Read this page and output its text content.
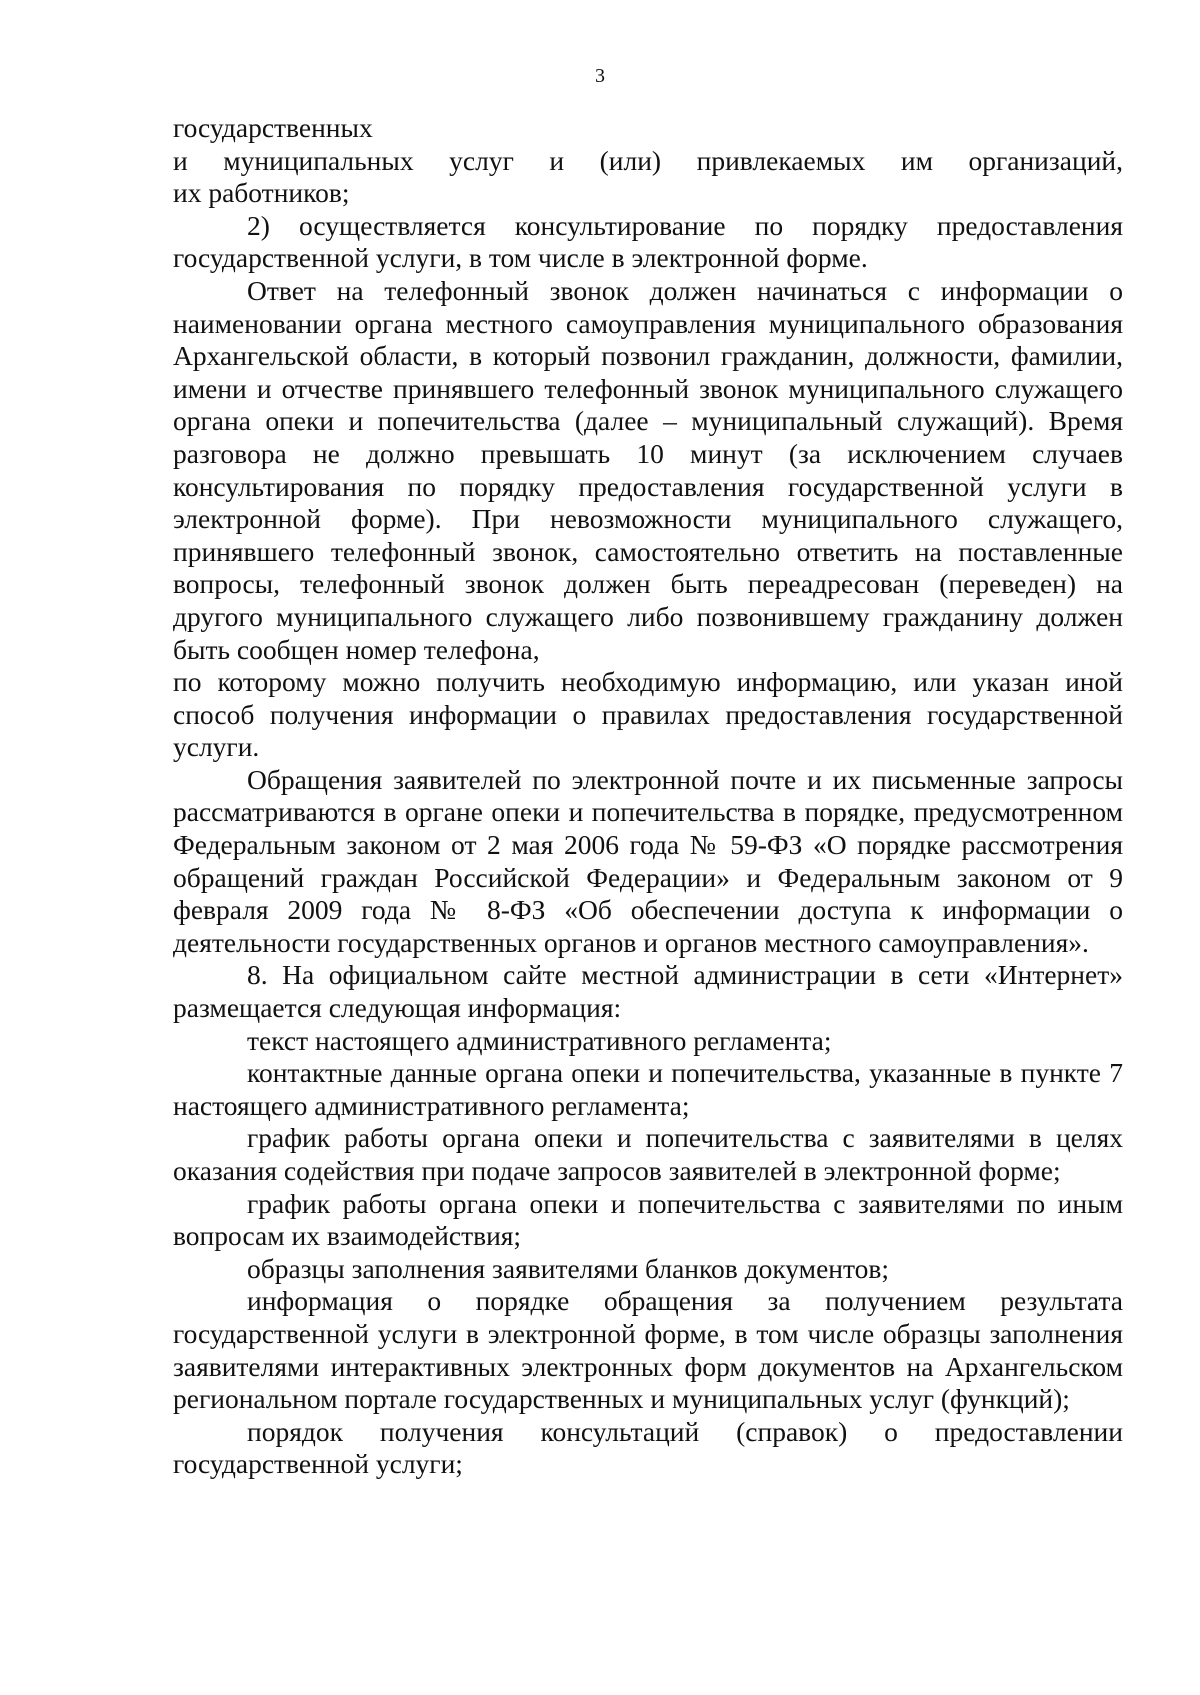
3
государственных
и муниципальных услуг и (или) привлекаемых им организаций,
их работников;

2) осуществляется консультирование по порядку предоставления государственной услуги, в том числе в электронной форме.

Ответ на телефонный звонок должен начинаться с информации о наименовании органа местного самоуправления муниципального образования Архангельской области, в который позвонил гражданин, должности, фамилии, имени и отчестве принявшего телефонный звонок муниципального служащего органа опеки и попечительства (далее – муниципальный служащий). Время разговора не должно превышать 10 минут (за исключением случаев консультирования по порядку предоставления государственной услуги в электронной форме). При невозможности муниципального служащего, принявшего телефонный звонок, самостоятельно ответить на поставленные вопросы, телефонный звонок должен быть переадресован (переведен) на другого муниципального служащего либо позвонившему гражданину должен быть сообщен номер телефона,

по которому можно получить необходимую информацию, или указан иной способ получения информации о правилах предоставления государственной услуги.

Обращения заявителей по электронной почте и их письменные запросы рассматриваются в органе опеки и попечительства в порядке, предусмотренном Федеральным законом от 2 мая 2006 года № 59-ФЗ «О порядке рассмотрения обращений граждан Российской Федерации» и Федеральным законом от 9 февраля 2009 года № 8-ФЗ «Об обеспечении доступа к информации о деятельности государственных органов и органов местного самоуправления».

8. На официальном сайте местной администрации в сети «Интернет» размещается следующая информация:

текст настоящего административного регламента;

контактные данные органа опеки и попечительства, указанные в пункте 7 настоящего административного регламента;

график работы органа опеки и попечительства с заявителями в целях оказания содействия при подаче запросов заявителей в электронной форме;

график работы органа опеки и попечительства с заявителями по иным вопросам их взаимодействия;

образцы заполнения заявителями бланков документов;

информация о порядке обращения за получением результата государственной услуги в электронной форме, в том числе образцы заполнения заявителями интерактивных электронных форм документов на Архангельском региональном портале государственных и муниципальных услуг (функций);

порядок получения консультаций (справок) о предоставлении государственной услуги;
